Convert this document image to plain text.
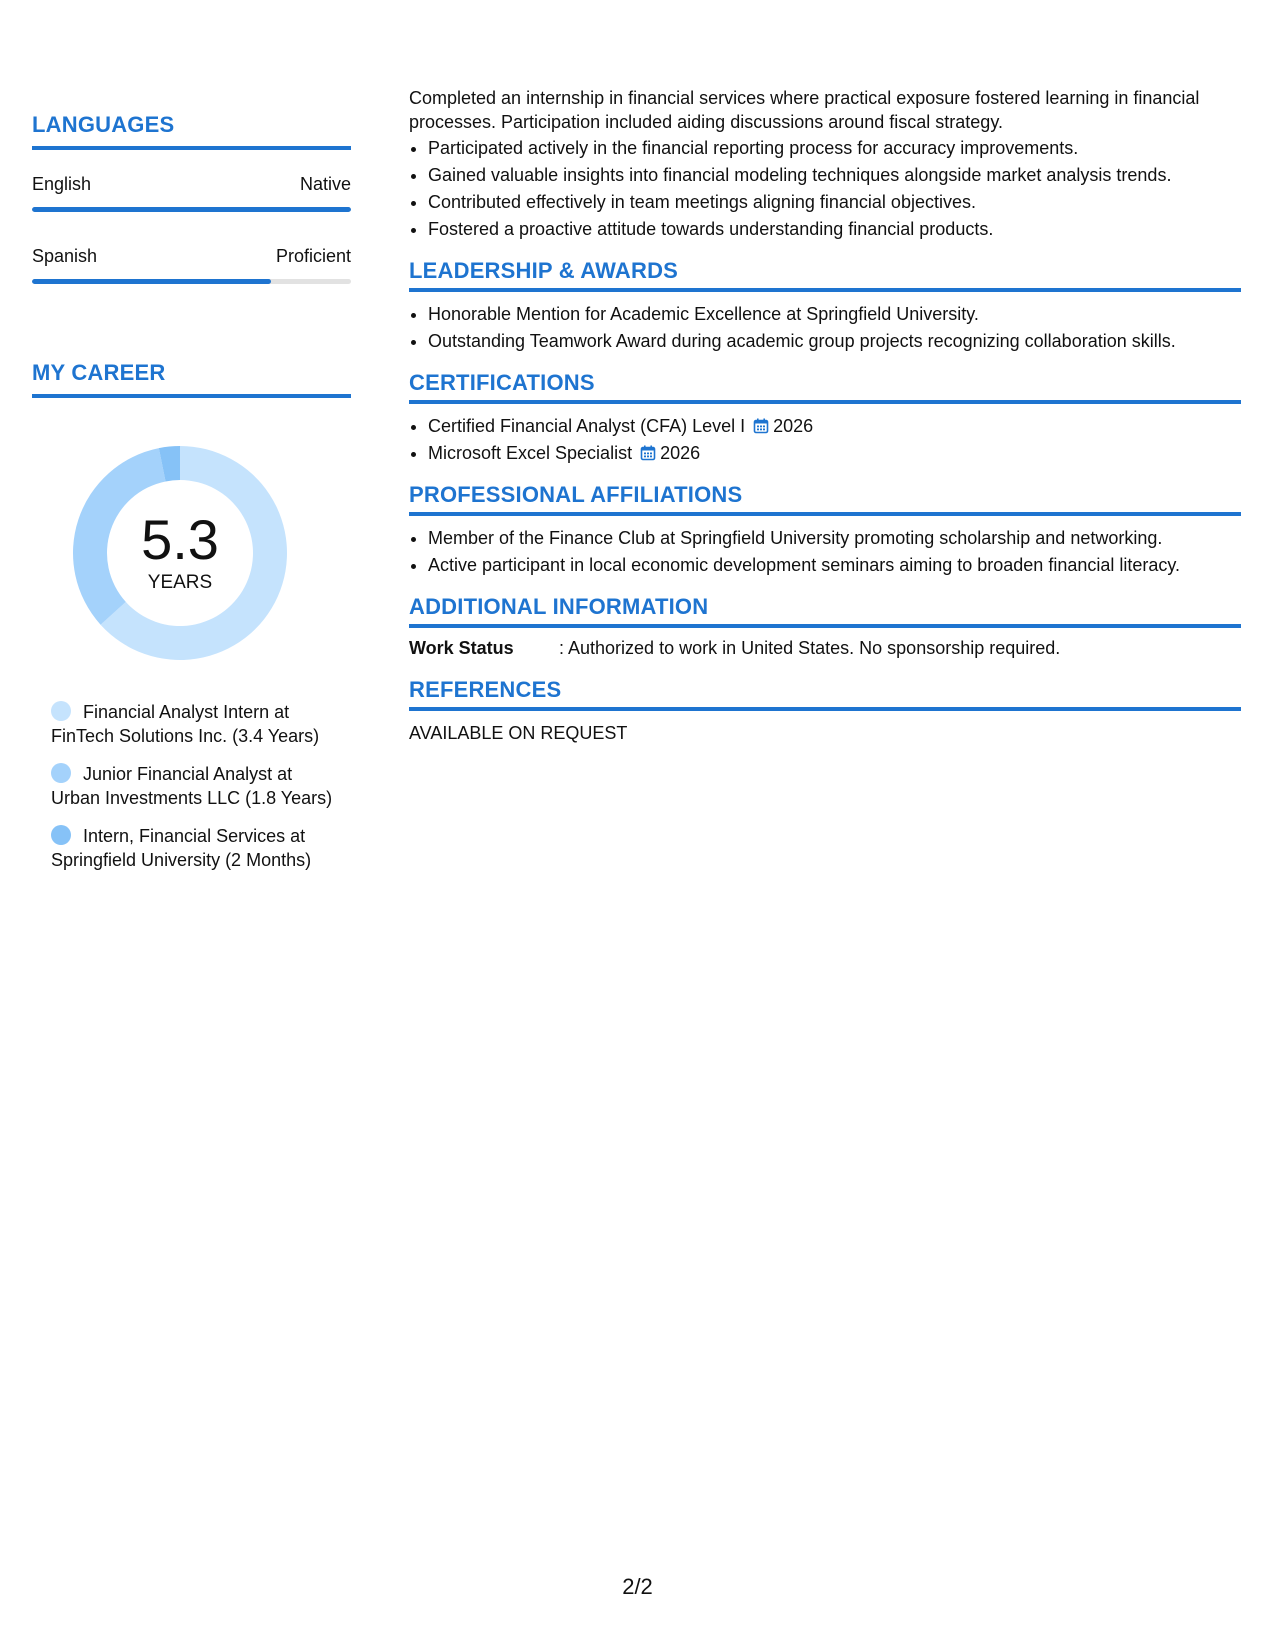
LANGUAGES
English	Native
Spanish	Proficient
MY CAREER
5.3
YEARS
Financial Analyst Intern at FinTech Solutions Inc. (3.4 Years)
Junior Financial Analyst at Urban Investments LLC (1.8 Years)
Intern, Financial Services at Springfield University (2 Months)

Completed an internship in financial services where practical exposure fostered learning in financial processes. Participation included aiding discussions around fiscal strategy.

• Participated actively in the financial reporting process for accuracy improvements.
• Gained valuable insights into financial modeling techniques alongside market analysis trends.
• Contributed effectively in team meetings aligning financial objectives.
• Fostered a proactive attitude towards understanding financial products.
LEADERSHIP & AWARDS
• Honorable Mention for Academic Excellence at Springfield University.
• Outstanding Teamwork Award during academic group projects recognizing collaboration skills.
CERTIFICATIONS
• Certified Financial Analyst (CFA) Level I 2026
• Microsoft Excel Specialist 2026
PROFESSIONAL AFFILIATIONS
• Member of the Finance Club at Springfield University promoting scholarship and networking.
• Active participant in local economic development seminars aiming to broaden financial literacy.
ADDITIONAL INFORMATION
Work Status	: Authorized to work in United States. No sponsorship required.
REFERENCES
AVAILABLE ON REQUEST
2/2
